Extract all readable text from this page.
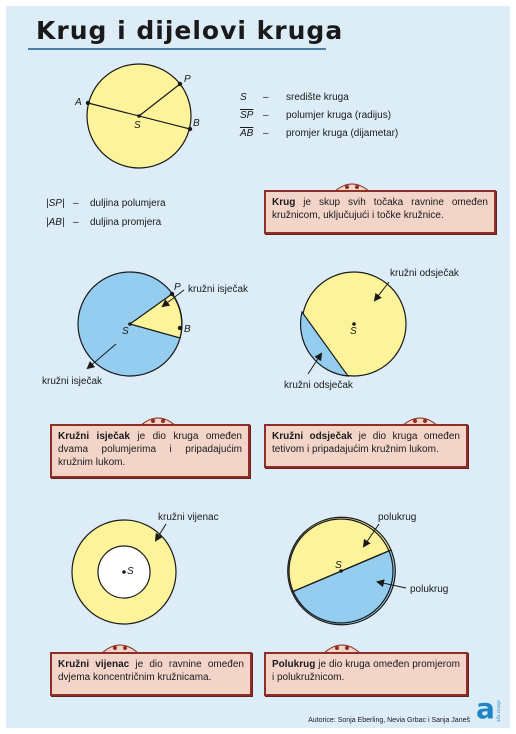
Krug i dijelovi kruga
A
B
P
S
S – središte kruga
$\overline{SP}$ – polumjer kruga (radijus)
$\overline{AB}$ – promjer kruga (dijametar)
|SP| – duljina polumjera
|AB| – duljina promjera
Krug je skup svih točaka ravnine omeđen kružnicom, uključujući i točke kružnice.
P
S	B
kružni isječak
kružni isječak
S
kružni odsječak
kružni odsječak
Kružni isječak je dio kruga omeđen dvama polumjerima i pripadajućim kružnim lukom.
Kružni odsječak je dio kruga omeđen tetivom i pripadajućim kružnim lukom.
S
kružni vijenac
S
polukrug
polukrug
Kružni vijenac je dio ravnine omeđen dvjema koncentričnim kružnicama.
Polukrug je dio kruga omeđen promjerom i polukružnicom.
Autorice: Sonja Eberling, Nevia Grbac i Sanja Janeš a alfa znanje
